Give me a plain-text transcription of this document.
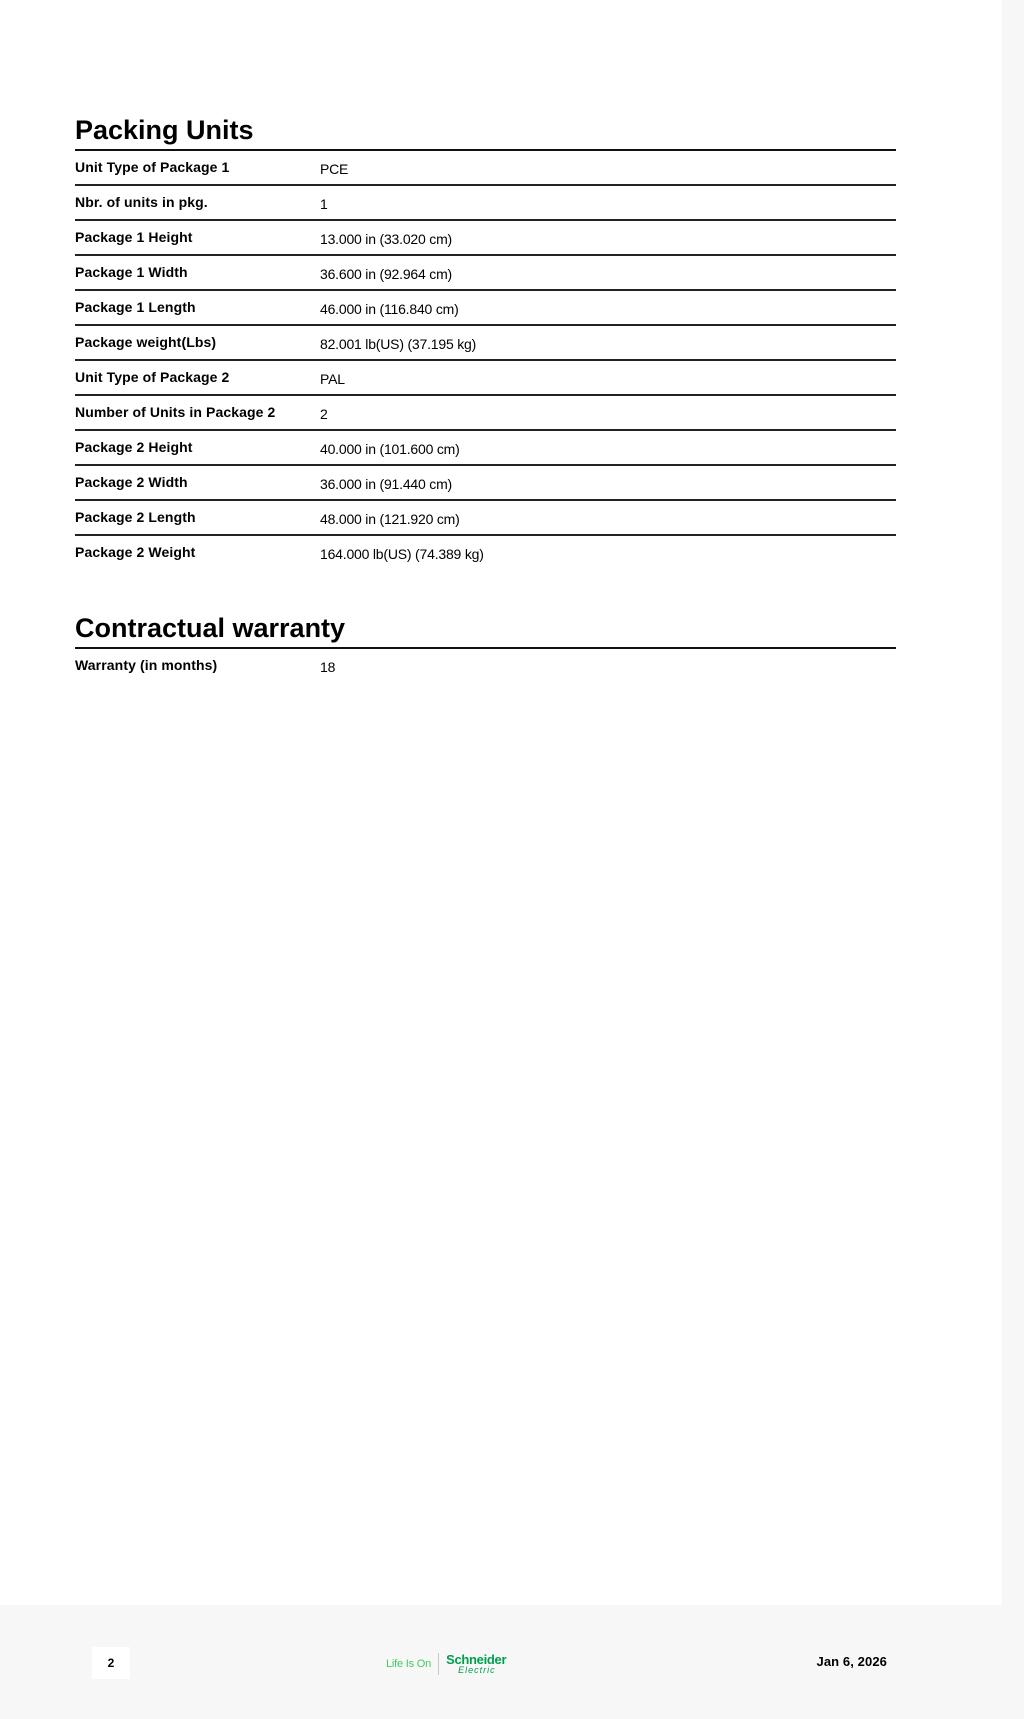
Packing Units
Unit Type of Package 1	PCE
Nbr. of units in pkg.	1
Package 1 Height	13.000 in (33.020 cm)
Package 1 Width	36.600 in (92.964 cm)
Package 1 Length	46.000 in (116.840 cm)
Package weight(Lbs)	82.001 lb(US) (37.195 kg)
Unit Type of Package 2	PAL
Number of Units in Package 2	2
Package 2 Height	40.000 in (101.600 cm)
Package 2 Width	36.000 in (91.440 cm)
Package 2 Length	48.000 in (121.920 cm)
Package 2 Weight	164.000 lb(US) (74.389 kg)
Contractual warranty
Warranty (in months)	18
2	Life Is On Schneider
Electric
Jan 6, 2026
